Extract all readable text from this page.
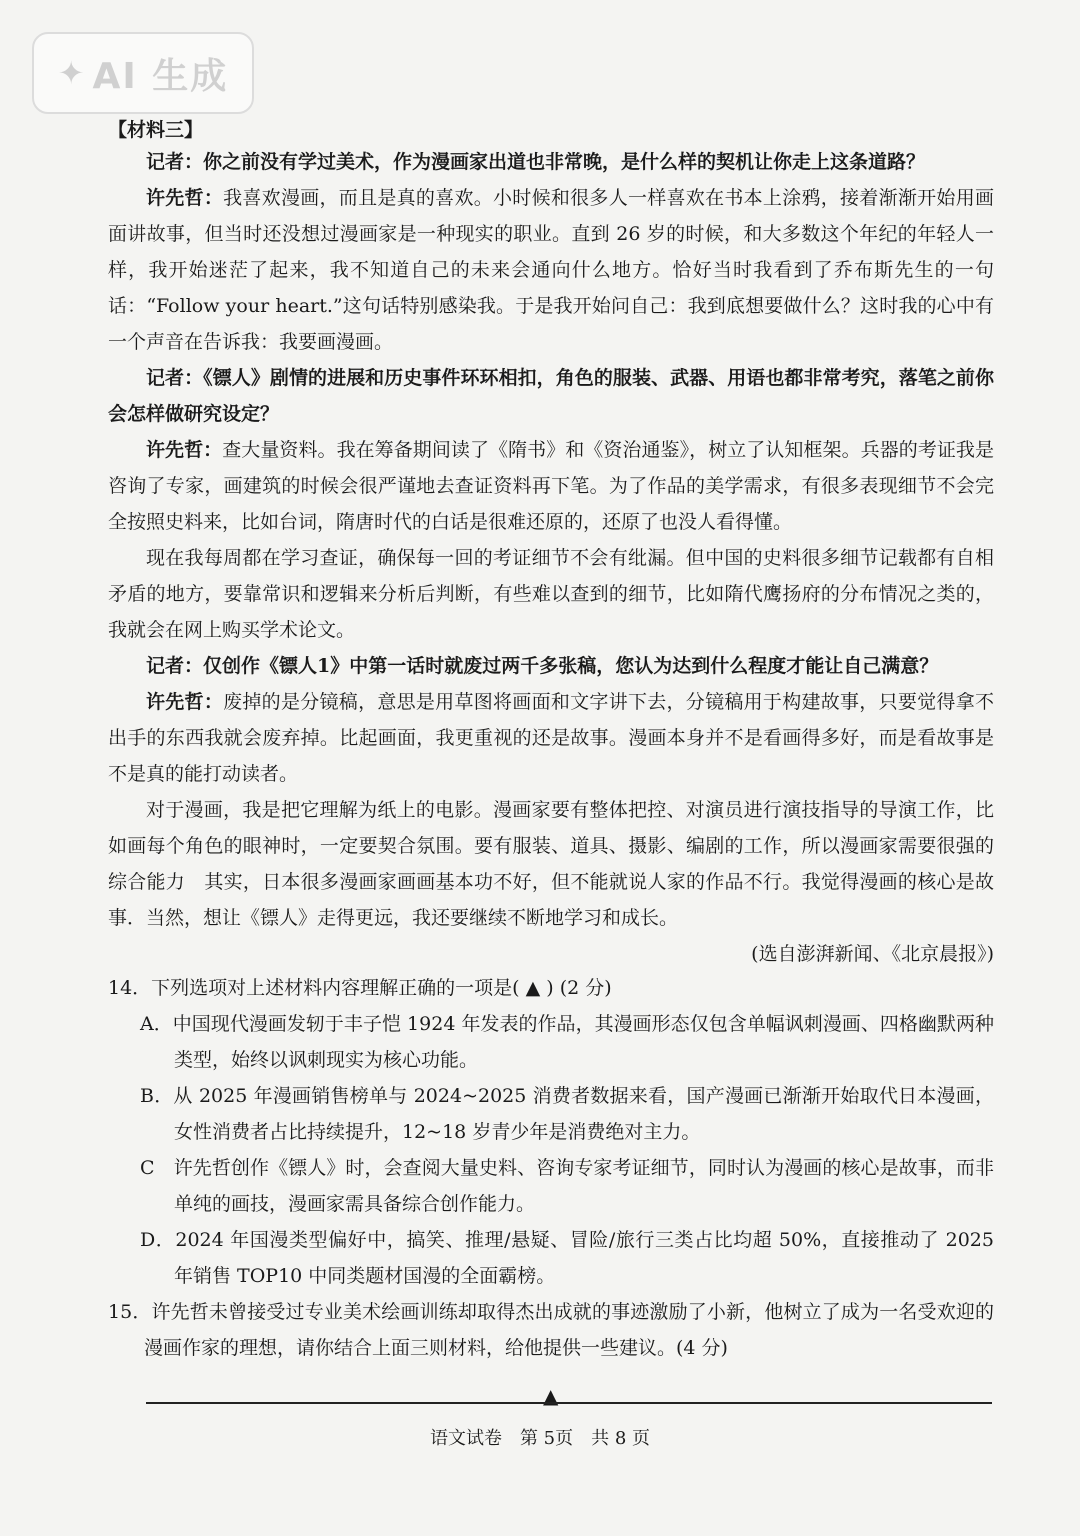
✦ AI 生成
【材料三】

记者：你之前没有学过美术，作为漫画家出道也非常晚，是什么样的契机让你走上这条道路？

许先哲：我喜欢漫画，而且是真的喜欢。小时候和很多人一样喜欢在书本上涂鸦，接着渐渐开始用画面讲故事，但当时还没想过漫画家是一种现实的职业。直到 26 岁的时候，和大多数这个年纪的年轻人一样，我开始迷茫了起来，我不知道自己的未来会通向什么地方。恰好当时我看到了乔布斯先生的一句话：“Follow your heart.”这句话特别感染我。于是我开始问自己：我到底想要做什么？这时我的心中有一个声音在告诉我：我要画漫画。

记者：《镖人》剧情的进展和历史事件环环相扣，角色的服装、武器、用语也都非常考究，落笔之前你会怎样做研究设定？

许先哲：查大量资料。我在筹备期间读了《隋书》和《资治通鉴》，树立了认知框架。兵器的考证我是咨询了专家，画建筑的时候会很严谨地去查证资料再下笔。为了作品的美学需求，有很多表现细节不会完全按照史料来，比如台词，隋唐时代的白话是很难还原的，还原了也没人看得懂。

现在我每周都在学习查证，确保每一回的考证细节不会有纰漏。但中国的史料很多细节记载都有自相矛盾的地方，要靠常识和逻辑来分析后判断，有些难以查到的细节，比如隋代鹰扬府的分布情况之类的，我就会在网上购买学术论文。

记者：仅创作《镖人1》中第一话时就废过两千多张稿，您认为达到什么程度才能让自己满意？

许先哲：废掉的是分镜稿，意思是用草图将画面和文字讲下去，分镜稿用于构建故事，只要觉得拿不出手的东西我就会废弃掉。比起画面，我更重视的还是故事。漫画本身并不是看画得多好，而是看故事是不是真的能打动读者。

对于漫画，我是把它理解为纸上的电影。漫画家要有整体把控、对演员进行演技指导的导演工作，比如画每个角色的眼神时，一定要契合氛围。要有服装、道具、摄影、编剧的工作，所以漫画家需要很强的综合能力　其实，日本很多漫画家画画基本功不好，但不能就说人家的作品不行。我觉得漫画的核心是故事．当然，想让《镖人》走得更远，我还要继续不断地学习和成长。

(选自澎湃新闻、《北京晨报》)

14．下列选项对上述材料内容理解正确的一项是( ▲ ) (2 分)

A．中国现代漫画发轫于丰子恺 1924 年发表的作品，其漫画形态仅包含单幅讽刺漫画、四格幽默两种类型，始终以讽刺现实为核心功能。

B．从 2025 年漫画销售榜单与 2024~2025 消费者数据来看，国产漫画已渐渐开始取代日本漫画，女性消费者占比持续提升，12~18 岁青少年是消费绝对主力。

C　许先哲创作《镖人》时，会查阅大量史料、咨询专家考证细节，同时认为漫画的核心是故事，而非单纯的画技，漫画家需具备综合创作能力。

D．2024 年国漫类型偏好中，搞笑、推理/悬疑、冒险/旅行三类占比均超 50%，直接推动了 2025 年销售 TOP10 中同类题材国漫的全面霸榜。

15．许先哲未曾接受过专业美术绘画训练却取得杰出成就的事迹激励了小新，他树立了成为一名受欢迎的漫画作家的理想，请你结合上面三则材料，给他提供一些建议。(4 分)

▲
语文试卷　第 5页　共 8 页
